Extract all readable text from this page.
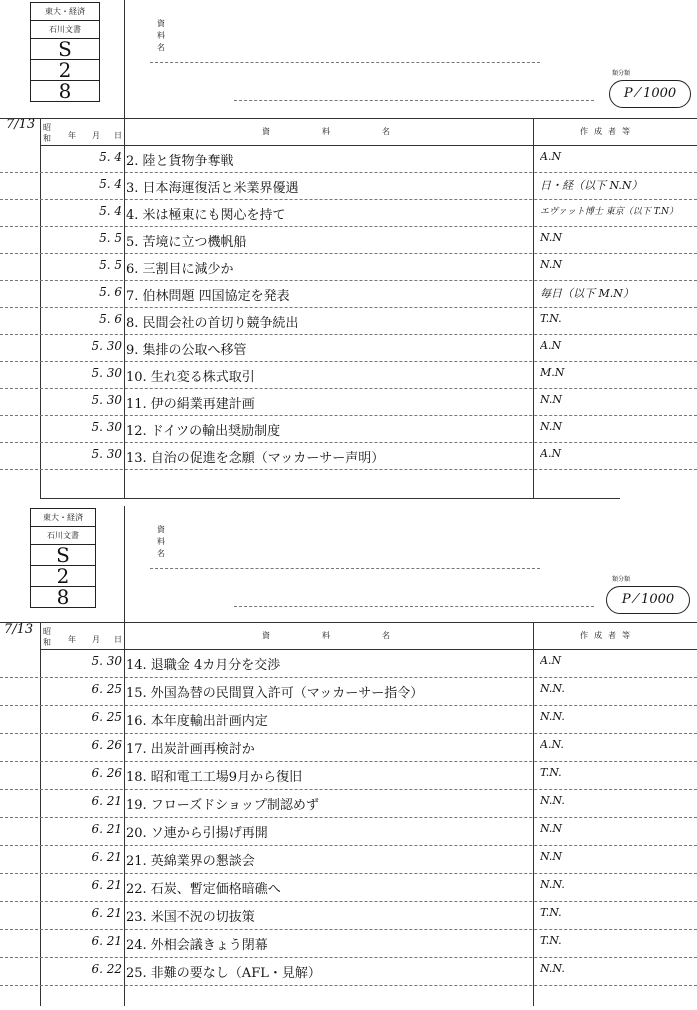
東大・経済
石川文書
S
2
8
資
料
名
類分類
P ⁄ 1000
7/13 昭和	年 月 日	資　料　名	作成者等
5. 4 2. 陸と貨物争奪戦	A.N
5. 4 3. 日本海運復活と米業界優遇	日・経（以下 N.N）
5. 4 4. 米は極東にも関心を持て	エヴァット博士 東京（以下 T.N）
5. 5 5. 苦境に立つ機帆船	N.N
5. 5 6. 三割目に減少か	N.N
5. 6 7. 伯林問題 四国協定を発表	毎日（以下 M.N）
5. 6 8. 民間会社の首切り競争続出	T.N.
5. 30 9. 集排の公取へ移管	A.N
5. 30 10. 生れ変る株式取引	M.N
5. 30 11. 伊の絹業再建計画	N.N
5. 30 12. ドイツの輸出奨励制度	N.N
5. 30 13. 自治の促進を念願（マッカーサー声明）	A.N
東大・経済
石川文書
S
2
8
資
料
名
類分類
P ⁄ 1000
7/13 昭和	年 月 日	資　料　名	作成者等
5. 30 14. 退職金 4カ月分を交渉	A.N
6. 25 15. 外国為替の民間買入許可（マッカーサー指令）	N.N.
6. 25 16. 本年度輸出計画内定	N.N.
6. 26 17. 出炭計画再検討か	A.N.
6. 26 18. 昭和電工工場9月から復旧	T.N.
6. 21 19. フローズドショップ制認めず	N.N.
6. 21 20. ソ連から引揚げ再開	N.N
6. 21 21. 英綿業界の懇談会	N.N
6. 21 22. 石炭、暫定価格暗礁へ	N.N.
6. 21 23. 米国不況の切抜策	T.N.
6. 21 24. 外相会議きょう閉幕	T.N.
6. 22 25. 非難の要なし（AFL・見解）	N.N.
